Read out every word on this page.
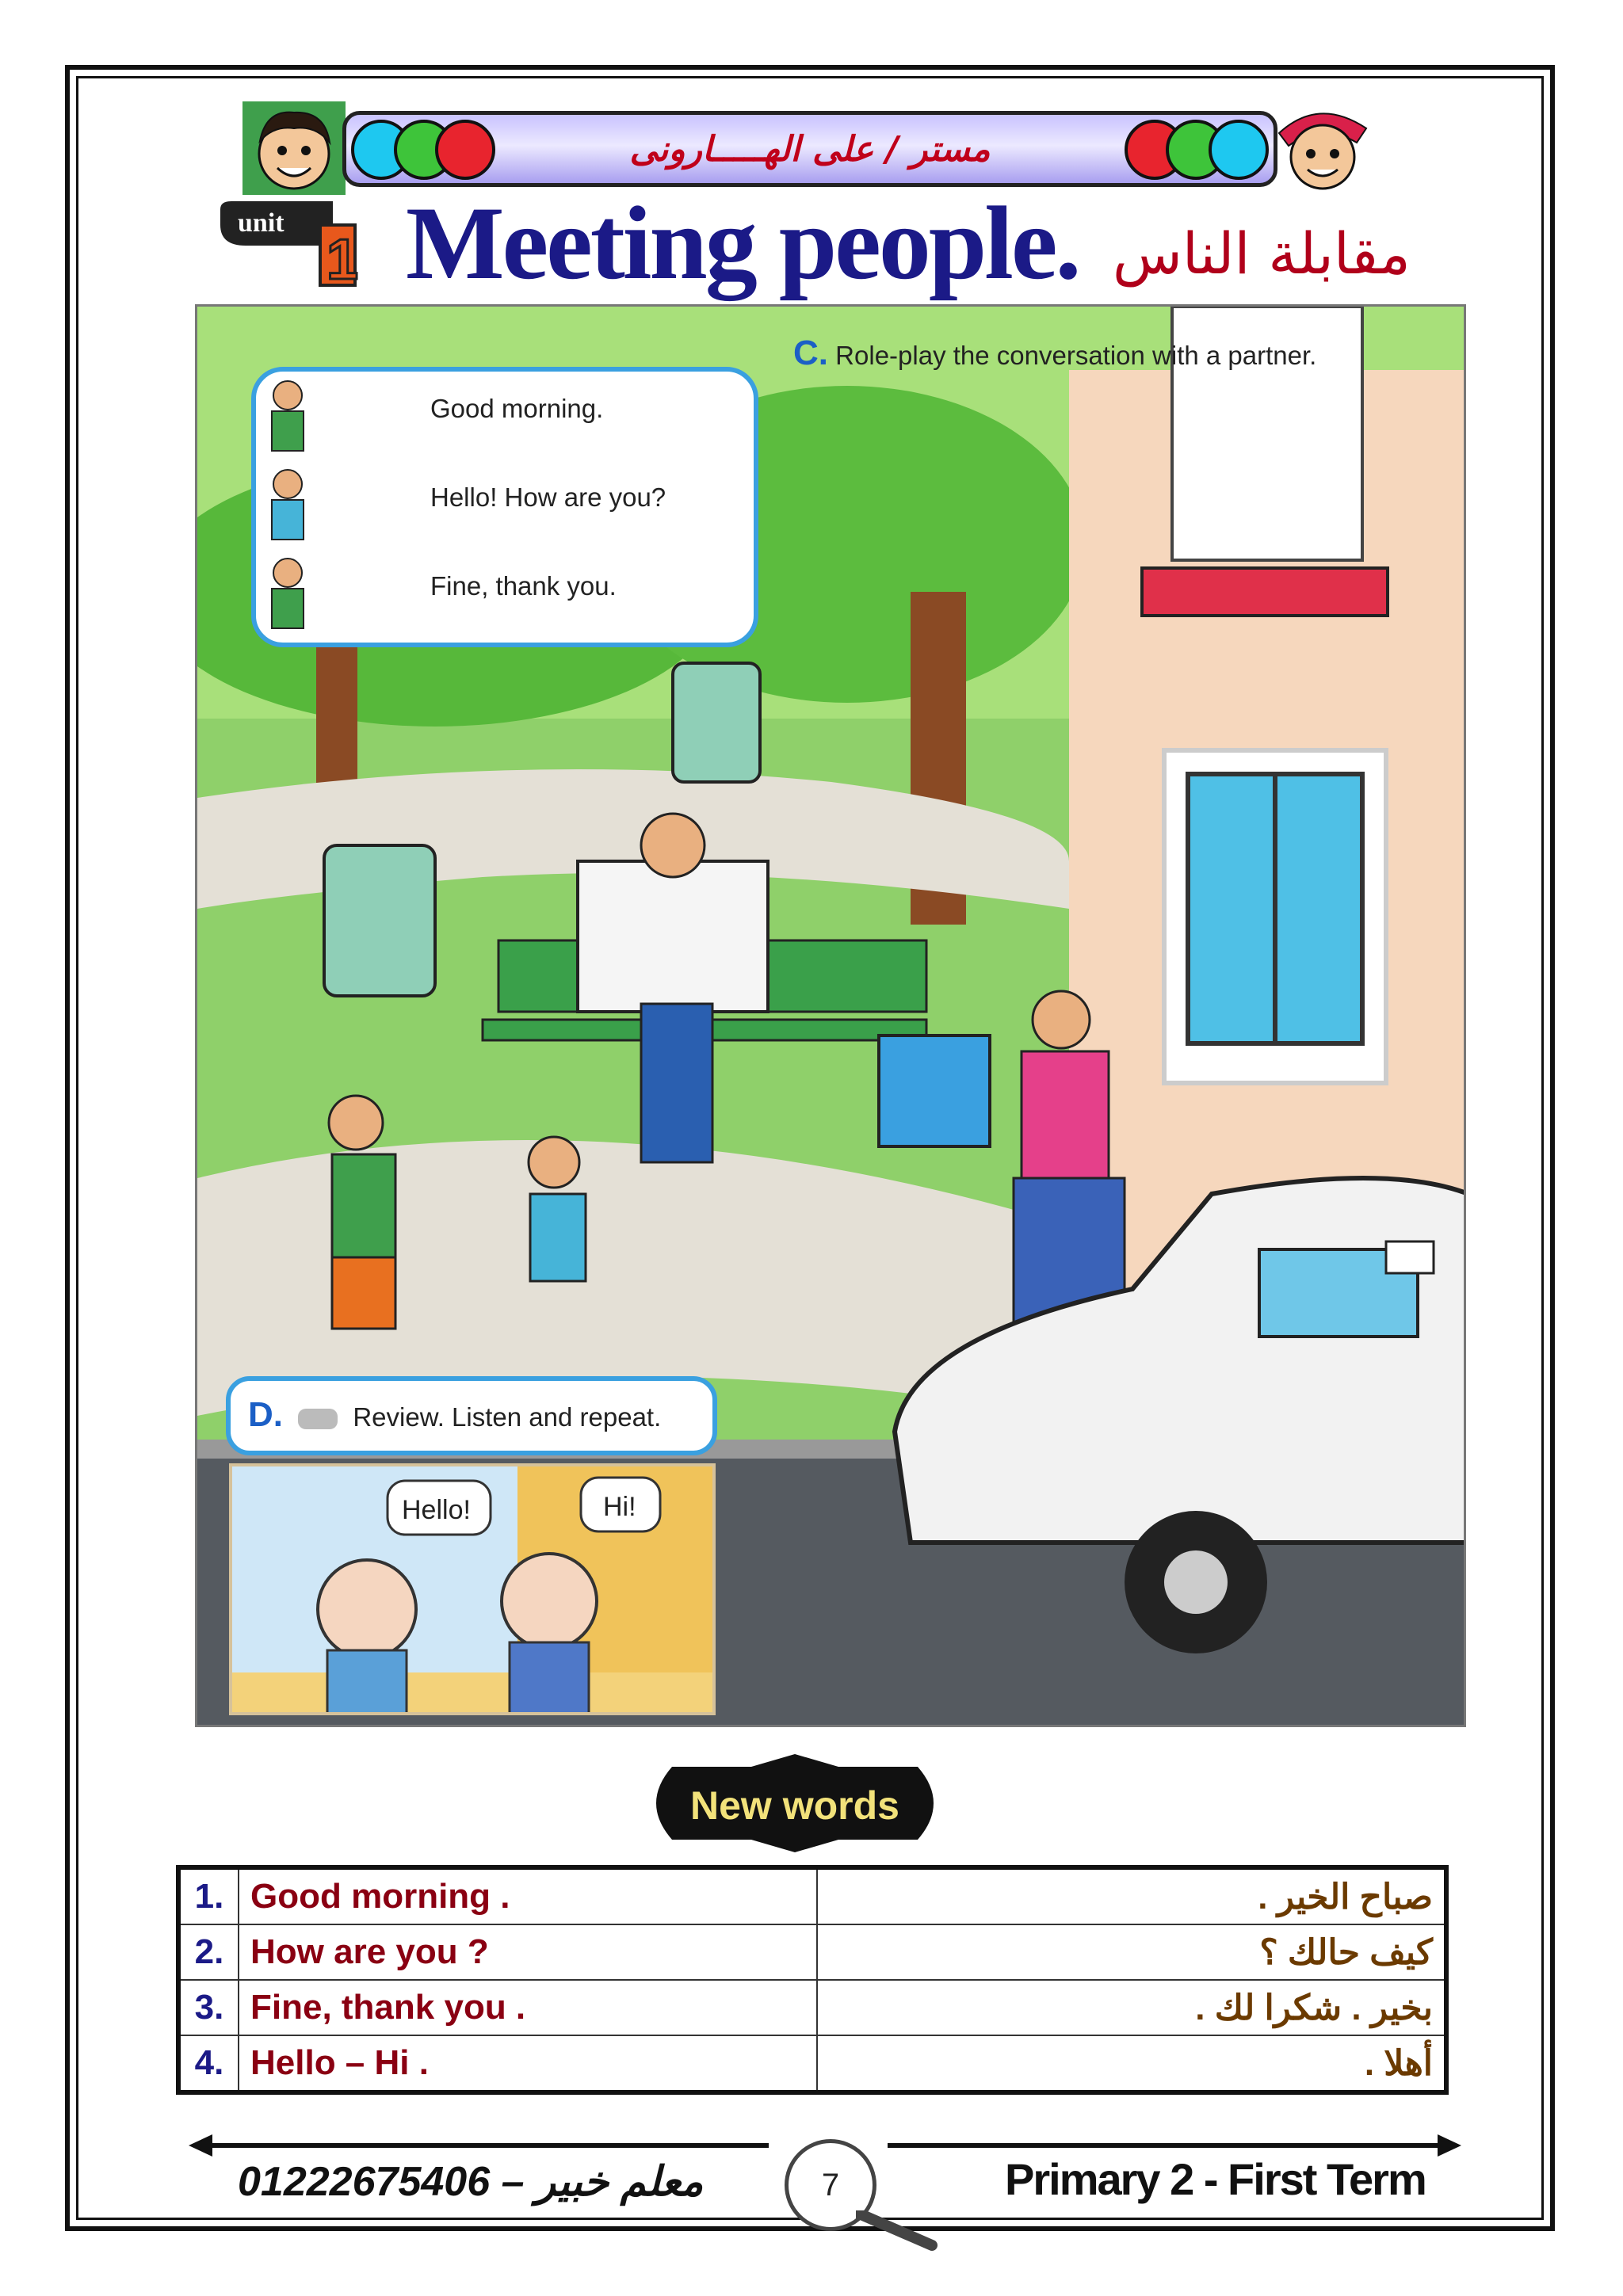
مستر / على الهـــــارونى
unit
1 Meeting people. مقابلة الناس
C. Role-play the conversation with a partner.
Good morning.
Hello! How are you?
Fine, thank you.
D.	Review. Listen and repeat.
Hello!	Hi!
New words
1.	Good morning .	صباح الخير .
2.	How are you ?	كيف حالك ؟
3.	Fine, thank you .	بخير . شكرا لك .
4.	Hello – Hi .	أهلا .
01222675406 – معلم خبير	7	Primary 2 - First Term
